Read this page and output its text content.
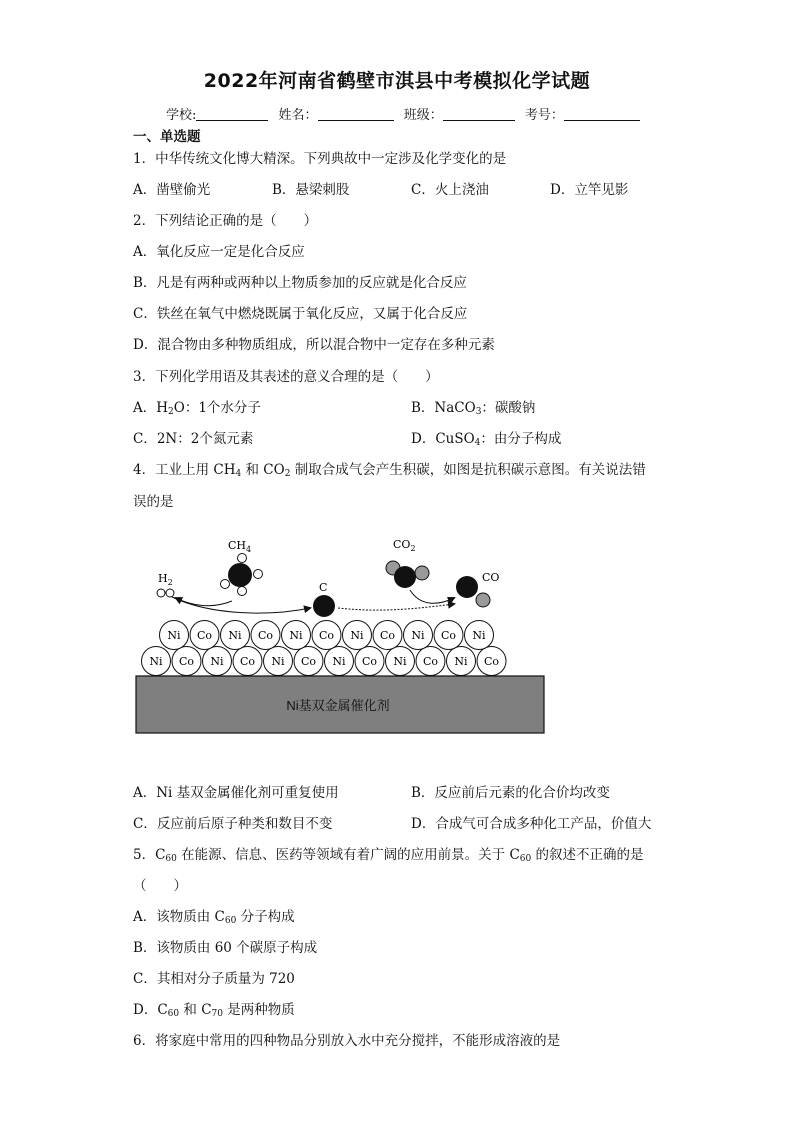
2022年河南省鹤壁市淇县中考模拟化学试题
学校:	姓名：	班级：	考号：
一、单选题
1．中华传统文化博大精深。下列典故中一定涉及化学变化的是
A．凿壁偷光	B．悬梁刺股	C．火上浇油	D．立竿见影
2．下列结论正确的是（　　）
A．氧化反应一定是化合反应
B．凡是有两种或两种以上物质参加的反应就是化合反应
C．铁丝在氧气中燃烧既属于氧化反应，又属于化合反应
D．混合物由多种物质组成，所以混合物中一定存在多种元素
3．下列化学用语及其表述的意义合理的是（　　）
A．$H_2O$：1个水分子	B．NaCO$_3$：碳酸钠
C．2N：2个氮元素	D．CuSO$_4$：由分子构成
4．工业上用 $CH_4$ 和 $CO_2$ 制取合成气会产生积碳，如图是抗积碳示意图。有关说法错
误的是
Ni基双金属催化剂
Ni Co Ni Co Ni Co Ni Co Ni Co Ni Co
Ni Co Ni Co Ni Co Ni Co Ni Co Ni
$H_2$
$CH_4$
C
$CO_2$
CO
A．Ni 基双金属催化剂可重复使用	B．反应前后元素的化合价均改变
C．反应前后原子种类和数目不变	D．合成气可合成多种化工产品，价值大
5．$C_{60}$ 在能源、信息、医药等领域有着广阔的应用前景。关于 $C_{60}$ 的叙述不正确的是
（　　）
A．该物质由 $C_{60}$ 分子构成
B．该物质由 60 个碳原子构成
C．其相对分子质量为 720
D．$C_{60}$ 和 $C_{70}$ 是两种物质
6．将家庭中常用的四种物品分别放入水中充分搅拌，不能形成溶液的是
